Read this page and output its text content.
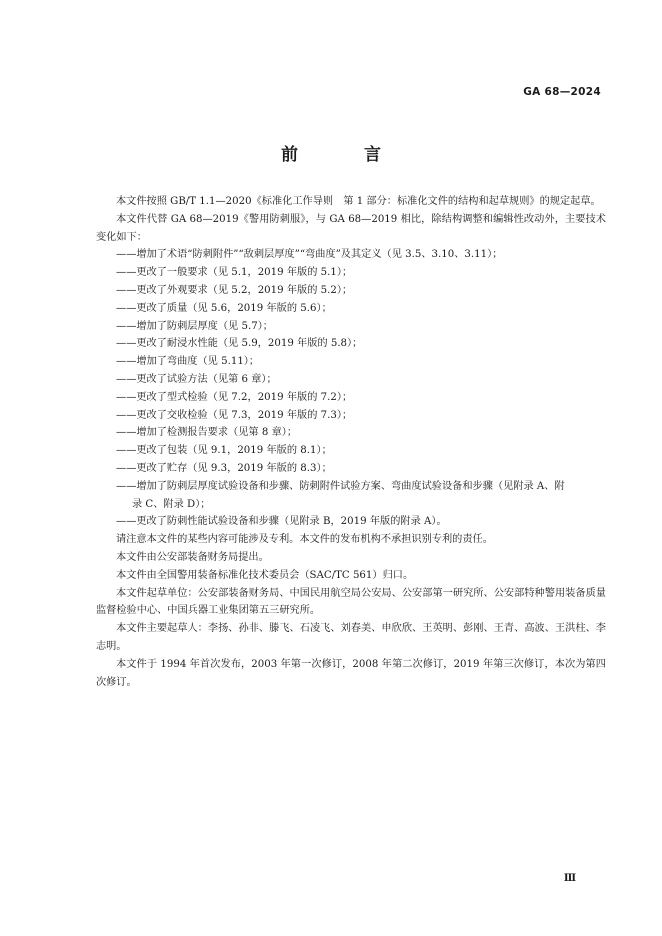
GA 68—2024
前 言

本文件按照 GB/T 1.1—2020《标准化工作导则　第 1 部分：标准化文件的结构和起草规则》的规定起草。

本文件代替 GA 68—2019《警用防刺服》，与 GA 68—2019 相比，除结构调整和编辑性改动外，主要技术变化如下：

——增加了术语“防刺附件”“敌刺层厚度”“弯曲度”及其定义（见 3.5、3.10、3.11）；

——更改了一般要求（见 5.1，2019 年版的 5.1）；

——更改了外观要求（见 5.2，2019 年版的 5.2）；

——更改了质量（见 5.6，2019 年版的 5.6）；

——增加了防刺层厚度（见 5.7）；

——更改了耐浸水性能（见 5.9，2019 年版的 5.8）；

——增加了弯曲度（见 5.11）；

——更改了试验方法（见第 6 章）；

——更改了型式检验（见 7.2，2019 年版的 7.2）；

——更改了交收检验（见 7.3，2019 年版的 7.3）；

——增加了检测报告要求（见第 8 章）；

——更改了包装（见 9.1，2019 年版的 8.1）；

——更改了贮存（见 9.3，2019 年版的 8.3）；

——增加了防刺层厚度试验设备和步骤、防刺附件试验方案、弯曲度试验设备和步骤（见附录 A、附

录 C、附录 D）；

——更改了防刺性能试验设备和步骤（见附录 B，2019 年版的附录 A）。

请注意本文件的某些内容可能涉及专利。本文件的发布机构不承担识别专利的责任。

本文件由公安部装备财务局提出。

本文件由全国警用装备标准化技术委员会（SAC/TC 561）归口。

本文件起草单位：公安部装备财务局、中国民用航空局公安局、公安部第一研究所、公安部特种警用装备质量监督检验中心、中国兵器工业集团第五三研究所。

本文件主要起草人：李扬、孙非、滕飞、石凌飞、刘春美、申欣欣、王英明、彭刚、王青、高波、王洪柱、李志明。

本文件于 1994 年首次发布，2003 年第一次修订，2008 年第二次修订，2019 年第三次修订，本次为第四次修订。

Ⅲ
